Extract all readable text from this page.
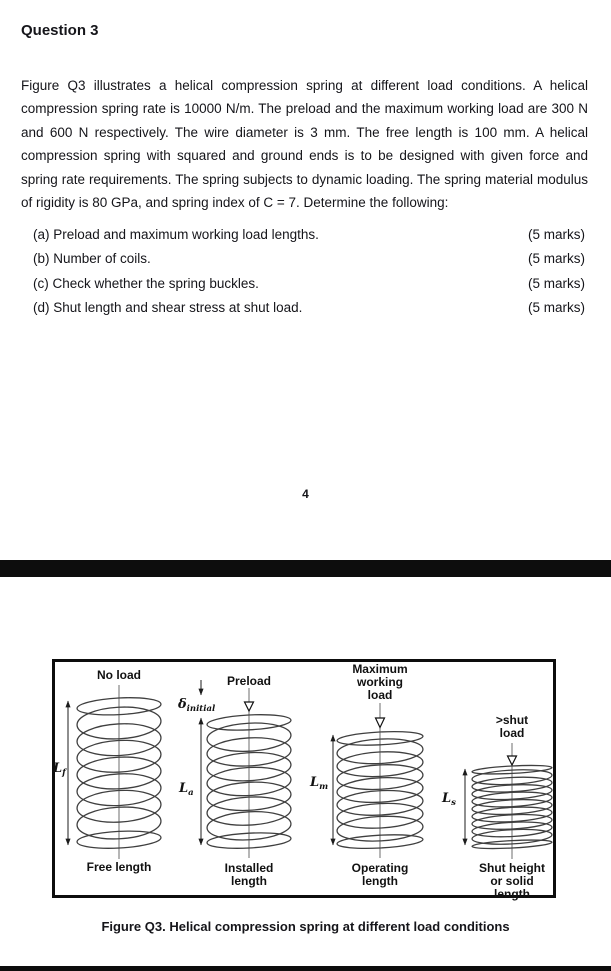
Question 3
Figure Q3 illustrates a helical compression spring at different load conditions. A helical compression spring rate is 10000 N/m. The preload and the maximum working load are 300 N and 600 N respectively. The wire diameter is 3 mm. The free length is 100 mm. A helical compression spring with squared and ground ends is to be designed with given force and spring rate requirements. The spring subjects to dynamic loading. The spring material modulus of rigidity is 80 GPa, and spring index of C = 7. Determine the following:
(a) Preload and maximum working load lengths.	(5 marks)
(b) Number of coils.	(5 marks)
(c) Check whether the spring buckles.	(5 marks)
(d) Shut length and shear stress at shut load.	(5 marks)
4
No load
Free length
$L_f$
Preload
Installed length
$\delta_{initial}$
$L_a$
Maximum working load
Operating length
$L_m$
>shut load
Shut height or solid length
$L_s$
Figure Q3. Helical compression spring at different load conditions
